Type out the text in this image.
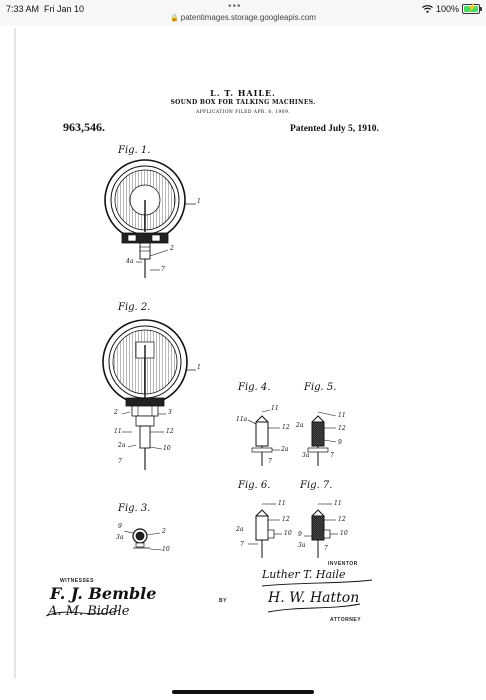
7:33 AM Fri Jan 10	•••
🔒 patentimages.storage.googleapis.com
100% ⚡
L. T. HAILE.
SOUND BOX FOR TALKING MACHINES.
APPLICATION FILED APR. 8, 1909.
963,546.	Patented July 5, 1910.
Fig. 1.
Fig. 2.
Fig. 3.
Fig. 4.	Fig. 5.
Fig. 6.	Fig. 7.
1
2
4a
7
1
2	3
11	12
2a	10
7
9
2
3a
10
11
11a
12
2a
7
11
2a	12
9
3a	7
11
12
2a
10
7
11
12
9	10
3a	7
WITNESSES
F. J. Bemble
A. M. Biddle
INVENTOR
Luther T. Haile
BY	H. W. Hatton
ATTORNEY
